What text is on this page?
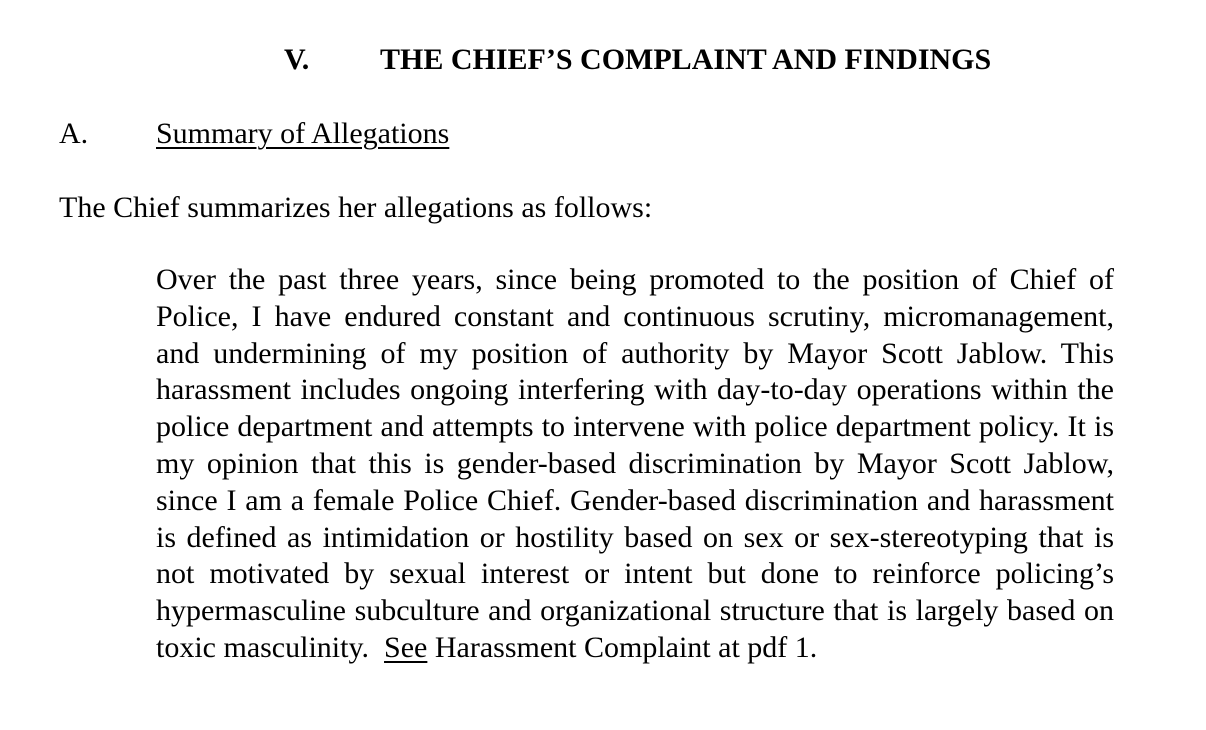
V. THE CHIEF’S COMPLAINT AND FINDINGS
A. Summary of Allegations
The Chief summarizes her allegations as follows:

Over the past three years, since being promoted to the position of Chief of Police, I have endured constant and continuous scrutiny, micromanagement, and undermining of my position of authority by Mayor Scott Jablow. This harassment includes ongoing interfering with day-to-day operations within the police department and attempts to intervene with police department policy. It is my opinion that this is gender-based discrimination by Mayor Scott Jablow, since I am a female Police Chief. Gender-based discrimination and harassment is defined as intimidation or hostility based on sex or sex-stereotyping that is not motivated by sexual interest or intent but done to reinforce policing’s hypermasculine subculture and organizational structure that is largely based on toxic masculinity. See Harassment Complaint at pdf 1.
